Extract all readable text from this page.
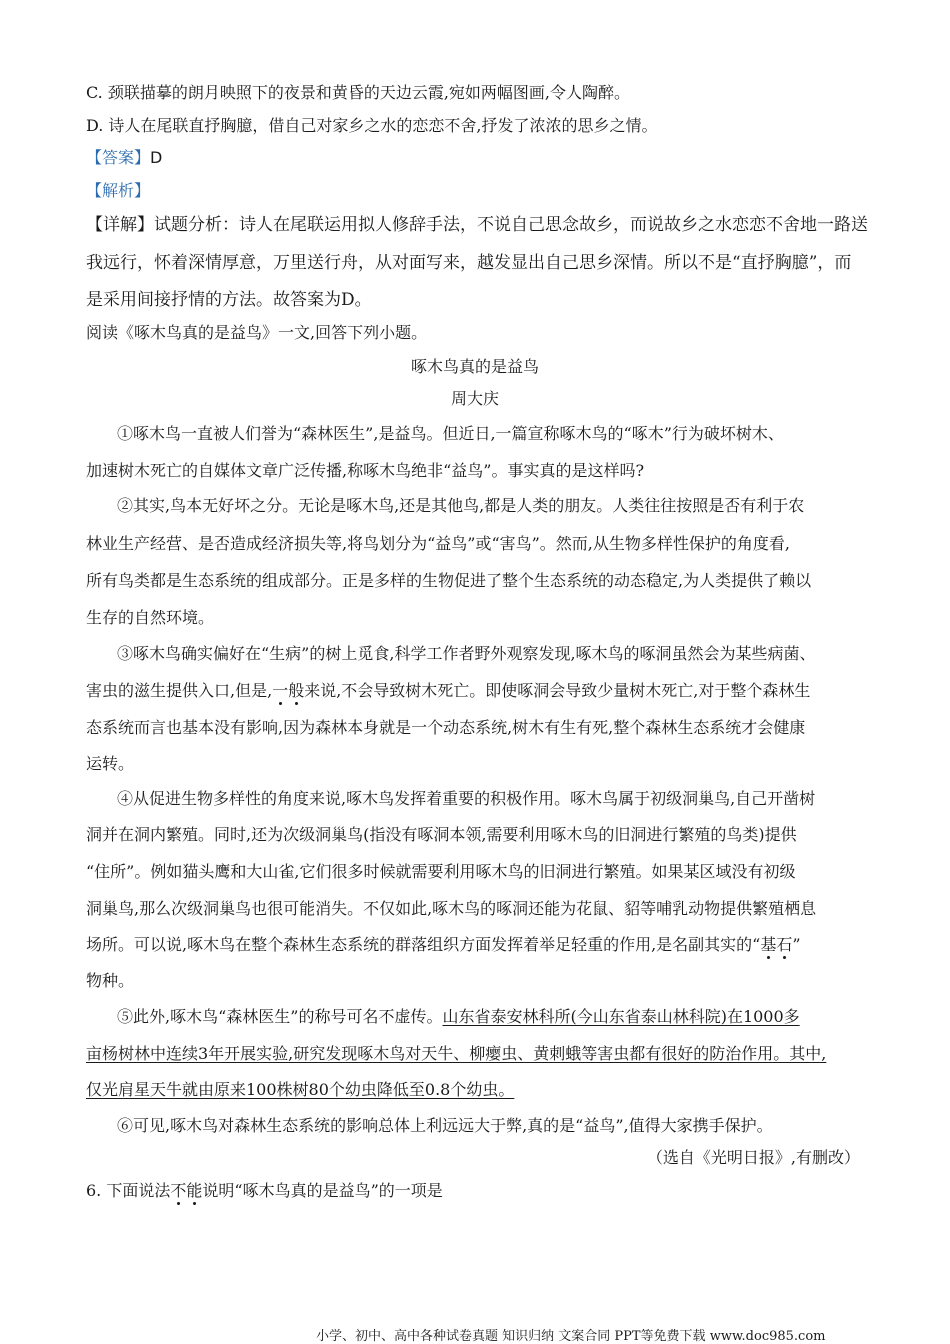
C. 颈联描摹的朗月映照下的夜景和黄昏的天边云霞,宛如两幅图画,令人陶醉。
D. 诗人在尾联直抒胸臆，借自己对家乡之水的恋恋不舍,抒发了浓浓的思乡之情。
【答案】D
【解析】
【详解】试题分析：诗人在尾联运用拟人修辞手法，不说自己思念故乡，而说故乡之水恋恋不舍地一路送
我远行，怀着深情厚意，万里送行舟，从对面写来，越发显出自己思乡深情。所以不是“直抒胸臆”，而
是采用间接抒情的方法。故答案为D。
阅读《啄木鸟真的是益鸟》一文,回答下列小题。
啄木鸟真的是益鸟
周大庆
①啄木鸟一直被人们誉为“森林医生”,是益鸟。但近日,一篇宣称啄木鸟的“啄木”行为破坏树木、
加速树木死亡的自媒体文章广泛传播,称啄木鸟绝非“益鸟”。事实真的是这样吗?
②其实,鸟本无好坏之分。无论是啄木鸟,还是其他鸟,都是人类的朋友。人类往往按照是否有利于农
林业生产经营、是否造成经济损失等,将鸟划分为“益鸟”或“害鸟”。然而,从生物多样性保护的角度看,
所有鸟类都是生态系统的组成部分。正是多样的生物促进了整个生态系统的动态稳定,为人类提供了赖以
生存的自然环境。
③啄木鸟确实偏好在“生病”的树上觅食,科学工作者野外观察发现,啄木鸟的啄洞虽然会为某些病菌、
害虫的滋生提供入口,但是,一般来说,不会导致树木死亡。即使啄洞会导致少量树木死亡,对于整个森林生
态系统而言也基本没有影响,因为森林本身就是一个动态系统,树木有生有死,整个森林生态系统才会健康
运转。
④从促进生物多样性的角度来说,啄木鸟发挥着重要的积极作用。啄木鸟属于初级洞巢鸟,自己开凿树
洞并在洞内繁殖。同时,还为次级洞巢鸟(指没有啄洞本领,需要利用啄木鸟的旧洞进行繁殖的鸟类)提供
“住所”。例如猫头鹰和大山雀,它们很多时候就需要利用啄木鸟的旧洞进行繁殖。如果某区域没有初级
洞巢鸟,那么次级洞巢鸟也很可能消失。不仅如此,啄木鸟的啄洞还能为花鼠、貂等哺乳动物提供繁殖栖息
场所。可以说,啄木鸟在整个森林生态系统的群落组织方面发挥着举足轻重的作用,是名副其实的“基石”
物种。
⑤此外,啄木鸟“森林医生”的称号可名不虚传。山东省泰安林科所(今山东省泰山林科院)在1000多
亩杨树林中连续3年开展实验,研究发现啄木鸟对天牛、柳瘿虫、黄刺蛾等害虫都有很好的防治作用。其中,
仅光肩星天牛就由原来100株树80个幼虫降低至0.8个幼虫。
⑥可见,啄木鸟对森林生态系统的影响总体上利远远大于弊,真的是“益鸟”,值得大家携手保护。
（选自《光明日报》,有删改）
6. 下面说法不能说明“啄木鸟真的是益鸟”的一项是
小学、初中、高中各种试卷真题 知识归纳 文案合同 PPT等免费下载 www.doc985.com
